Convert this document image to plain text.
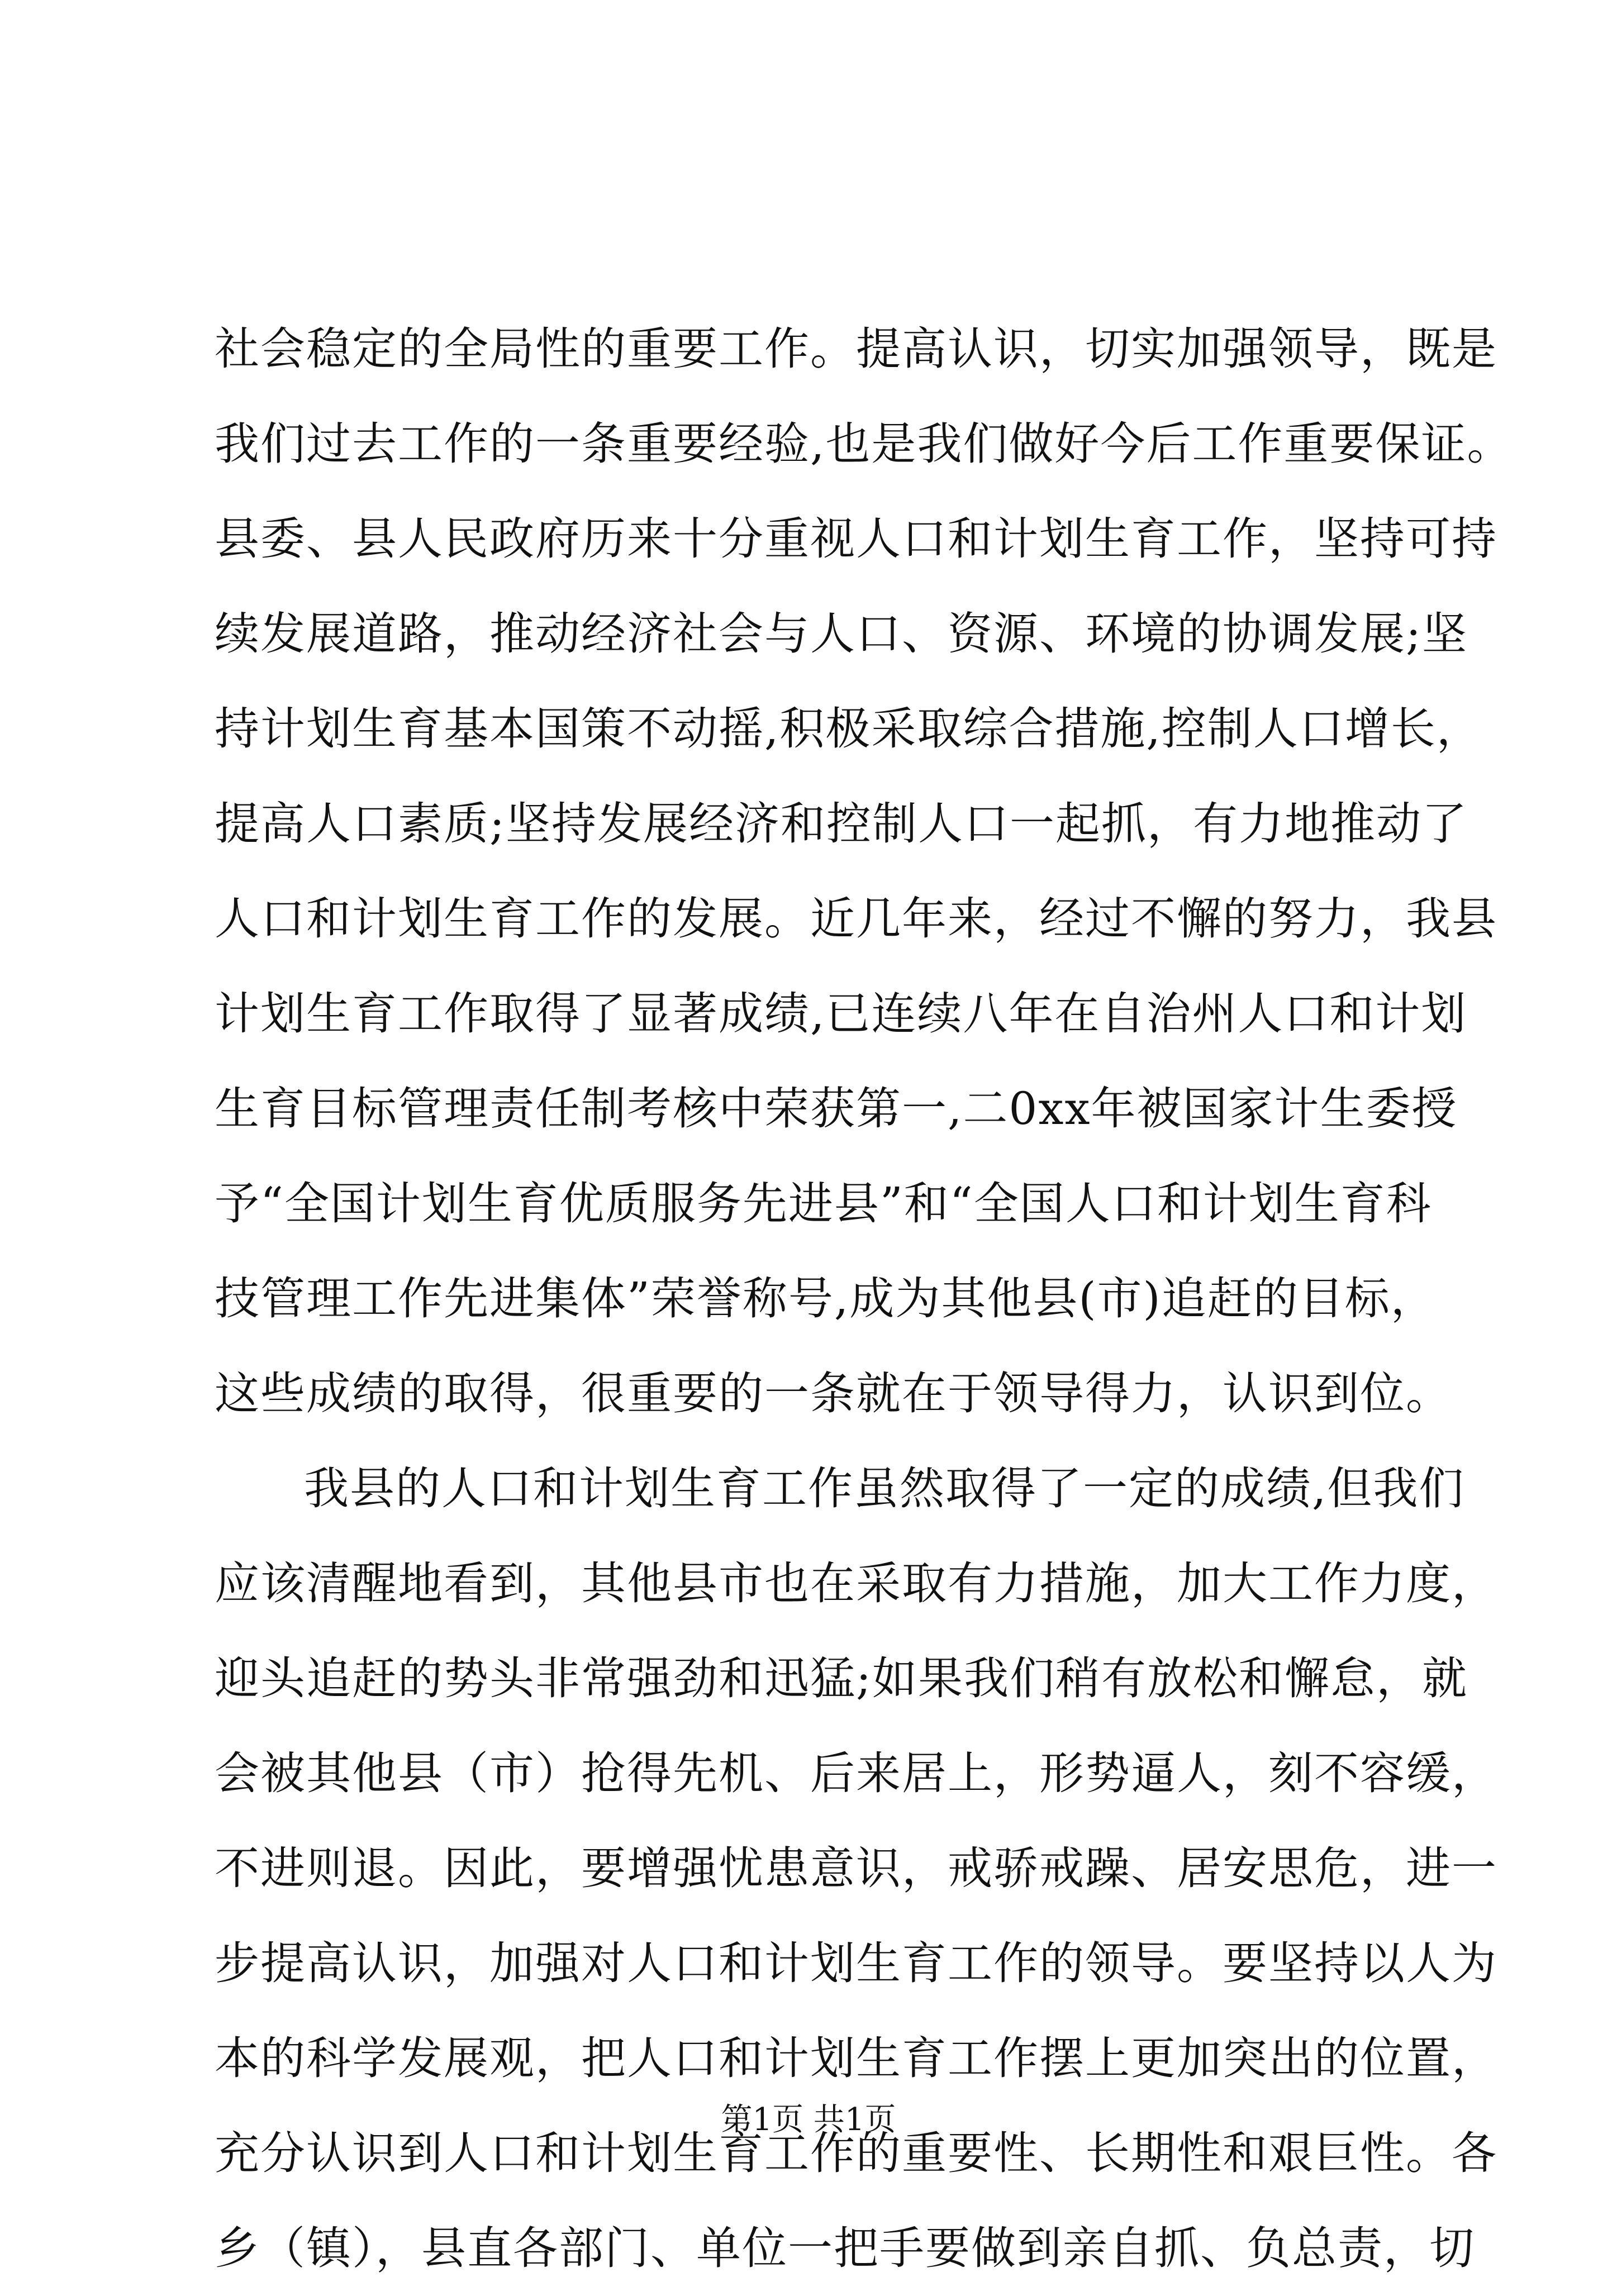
社会稳定的全局性的重要工作。提高认识，切实加强领导，既是
我们过去工作的一条重要经验,也是我们做好今后工作重要保证。
县委、县人民政府历来十分重视人口和计划生育工作，坚持可持
续发展道路，推动经济社会与人口、资源、环境的协调发展;坚
持计划生育基本国策不动摇,积极采取综合措施,控制人口增长，
提高人口素质;坚持发展经济和控制人口一起抓，有力地推动了
人口和计划生育工作的发展。近几年来，经过不懈的努力，我县
计划生育工作取得了显著成绩,已连续八年在自治州人口和计划
生育目标管理责任制考核中荣获第一,二0xx年被国家计生委授
予“全国计划生育优质服务先进县”和“全国人口和计划生育科
技管理工作先进集体”荣誉称号,成为其他县(市)追赶的目标，
这些成绩的取得，很重要的一条就在于领导得力，认识到位。
我县的人口和计划生育工作虽然取得了一定的成绩,但我们
应该清醒地看到，其他县市也在采取有力措施，加大工作力度，
迎头追赶的势头非常强劲和迅猛;如果我们稍有放松和懈怠，就
会被其他县（市）抢得先机、后来居上，形势逼人，刻不容缓，
不进则退。因此，要增强忧患意识，戒骄戒躁、居安思危，进一
步提高认识，加强对人口和计划生育工作的领导。要坚持以人为
本的科学发展观，把人口和计划生育工作摆上更加突出的位置，
充分认识到人口和计划生育工作的重要性、长期性和艰巨性。各
乡（镇），县直各部门、单位一把手要做到亲自抓、负总责，切
第1页 共1页
